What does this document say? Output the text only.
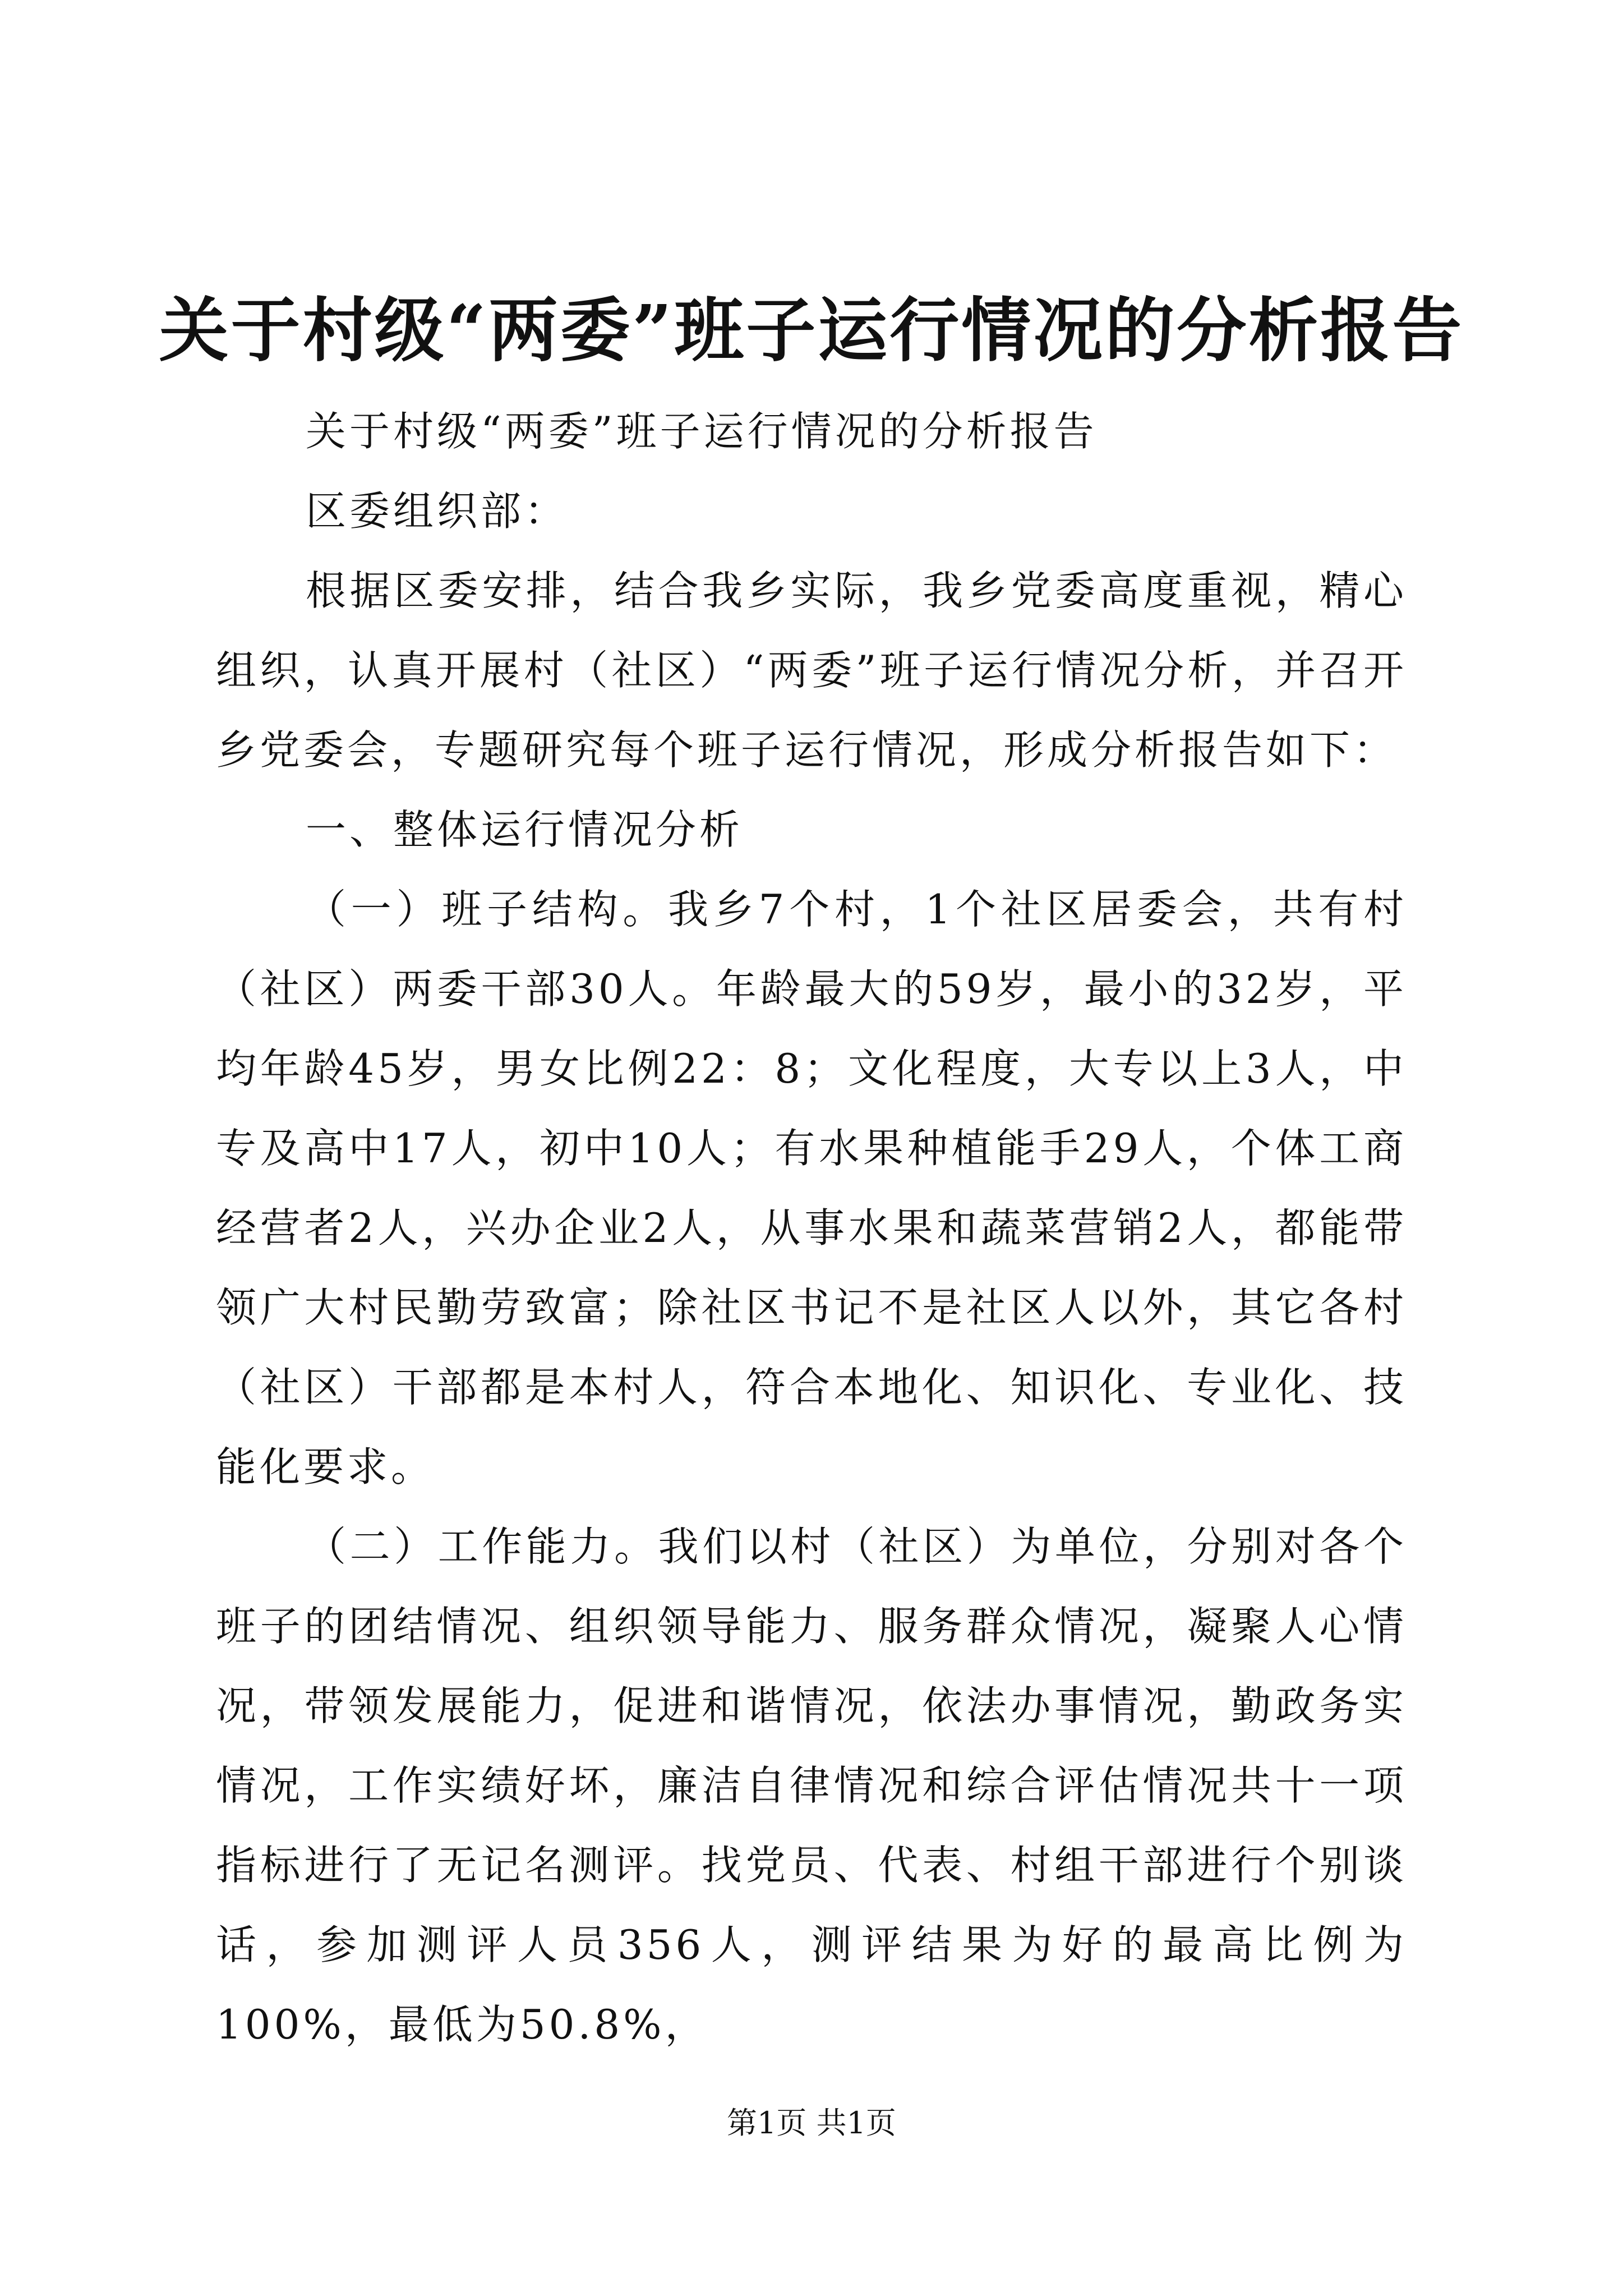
关于村级“两委”班子运行情况的分析报告

关于村级“两委”班子运行情况的分析报告

区委组织部：

根据区委安排，结合我乡实际，我乡党委高度重视，精心组织，认真开展村（社区）“两委”班子运行情况分析，并召开乡党委会，专题研究每个班子运行情况，形成分析报告如下：

一、整体运行情况分析

（一）班子结构。我乡7个村，1个社区居委会，共有村（社区）两委干部30人。年龄最大的59岁，最小的32岁，平均年龄45岁，男女比例22：8；文化程度，大专以上3人，中专及高中17人，初中10人；有水果种植能手29人，个体工商经营者2人，兴办企业2人，从事水果和蔬菜营销2人，都能带领广大村民勤劳致富；除社区书记不是社区人以外，其它各村（社区）干部都是本村人，符合本地化、知识化、专业化、技能化要求。

（二）工作能力。我们以村（社区）为单位，分别对各个班子的团结情况、组织领导能力、服务群众情况，凝聚人心情况，带领发展能力，促进和谐情况，依法办事情况，勤政务实情况，工作实绩好坏，廉洁自律情况和综合评估情况共十一项指标进行了无记名测评。找党员、代表、村组干部进行个别谈话，参加测评人员356人，测评结果为好的最高比例为100%，最低为50.8%，

第1页 共1页
